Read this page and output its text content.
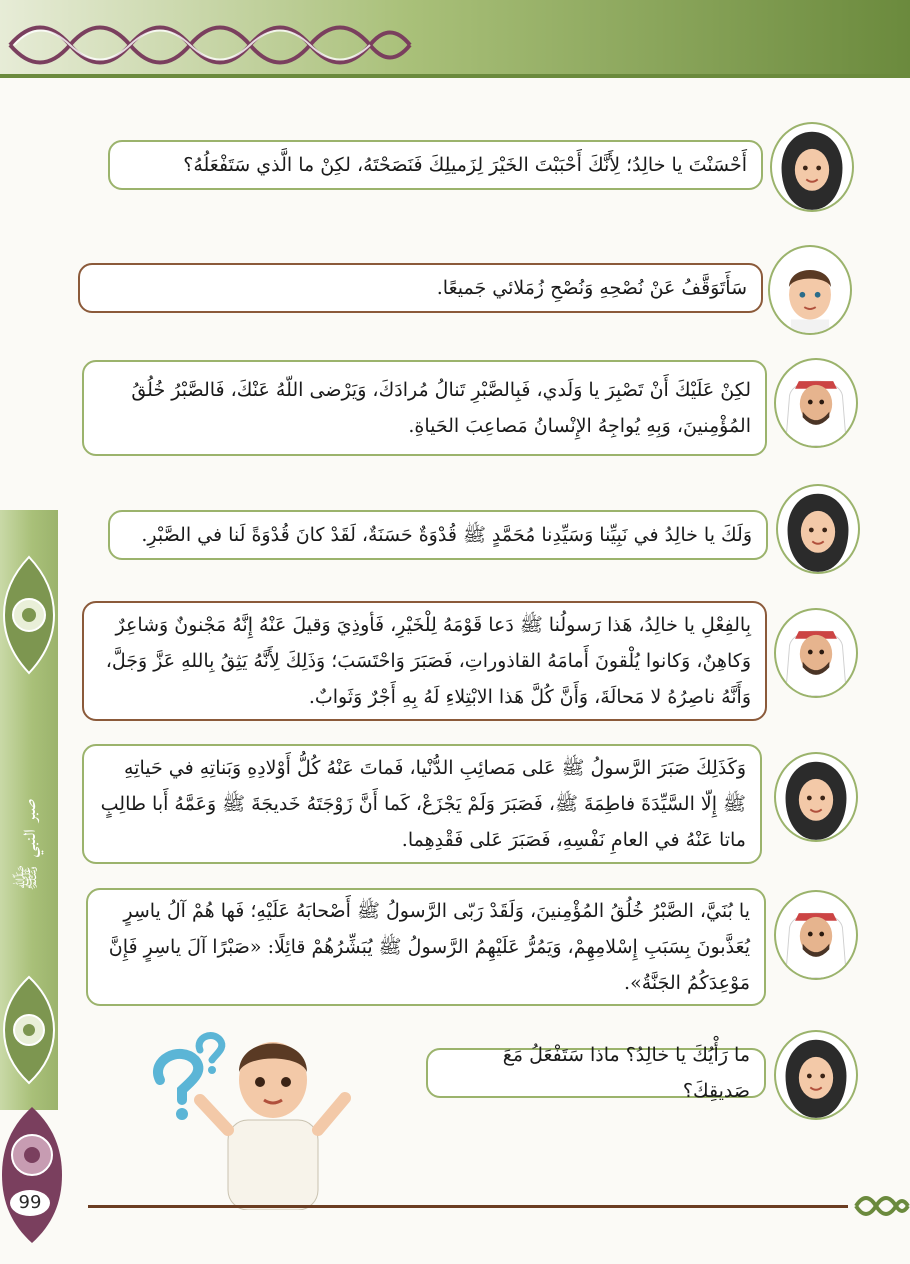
صبر النبي ﷺ
99
أَحْسَنْتَ يا خالِدُ؛ لِأَنَّكَ أَحْبَبْتَ الخَيْرَ لِزَميلِكَ فَنَصَحْتَهُ، لكِنْ ما الَّذي سَتَفْعَلُهُ؟
سَأَتَوَقَّفُ عَنْ نُصْحِهِ وَنُصْحِ زُمَلائي جَميعًا.
لكِنْ عَلَيْكَ أَنْ تَصْبِرَ يا وَلَدي، فَبِالصَّبْرِ تَنالُ مُرادَكَ، وَيَرْضى اللّهُ عَنْكَ، فَالصَّبْرُ خُلُقُ المُؤْمِنينَ، وَبِهِ يُواجِهُ الإِنْسانُ مَصاعِبَ الحَياةِ.
وَلَكَ يا خالِدُ في نَبِيِّنا وَسَيِّدِنا مُحَمَّدٍ ﷺ قُدْوَةٌ حَسَنَةٌ، لَقَدْ كانَ قُدْوَةً لَنا في الصَّبْرِ.
بِالفِعْلِ يا خالِدُ، هَذا رَسولُنا ﷺ دَعا قَوْمَهُ لِلْخَيْرِ، فَأوذِيَ وَقيلَ عَنْهُ إِنَّهُ مَجْنونٌ وَشاعِرٌ وَكاهِنٌ، وَكانوا يُلْقونَ أَمامَهُ القاذوراتِ، فَصَبَرَ وَاحْتَسَبَ؛ وَذَلِكَ لِأَنَّهُ يَثِقُ بِاللهِ عَزَّ وَجَلَّ، وَأَنَّهُ ناصِرُهُ لا مَحالَةَ، وَأَنَّ كُلَّ هَذا الابْتِلاءِ لَهُ بِهِ أَجْرٌ وَثَوابٌ.
وَكَذَلِكَ صَبَرَ الرَّسولُ ﷺ عَلى مَصائِبِ الدُّنْيا، فَماتَ عَنْهُ كُلُّ أَوْلادِهِ وَبَناتِهِ في حَياتِهِ ﷺ إِلّا السَّيِّدَةَ فاطِمَةَ ﷺ، فَصَبَرَ وَلَمْ يَجْزَعْ، كَما أَنَّ زَوْجَتَهُ خَديجَةَ ﷺ وَعَمَّهُ أَبا طالِبٍ ماتا عَنْهُ في العامِ نَفْسِهِ، فَصَبَرَ عَلى فَقْدِهِما.
يا بُنَيَّ، الصَّبْرُ خُلُقُ المُؤْمِنينَ، وَلَقَدْ رَبّى الرَّسولُ ﷺ أَصْحابَهُ عَلَيْهِ؛ فَها هُمْ آلُ ياسِرٍ يُعَذَّبونَ بِسَبَبِ إِسْلامِهِمْ، وَيَمُرُّ عَلَيْهِمُ الرَّسولُ ﷺ يُبَشِّرُهُمْ قائِلًا: «صَبْرًا آلَ ياسِرٍ فَإِنَّ مَوْعِدَكُمُ الجَنَّةُ».
ما رَأْيُكَ يا خالِدُ؟ ماذا سَتَفْعَلُ مَعَ صَديقِكَ؟
